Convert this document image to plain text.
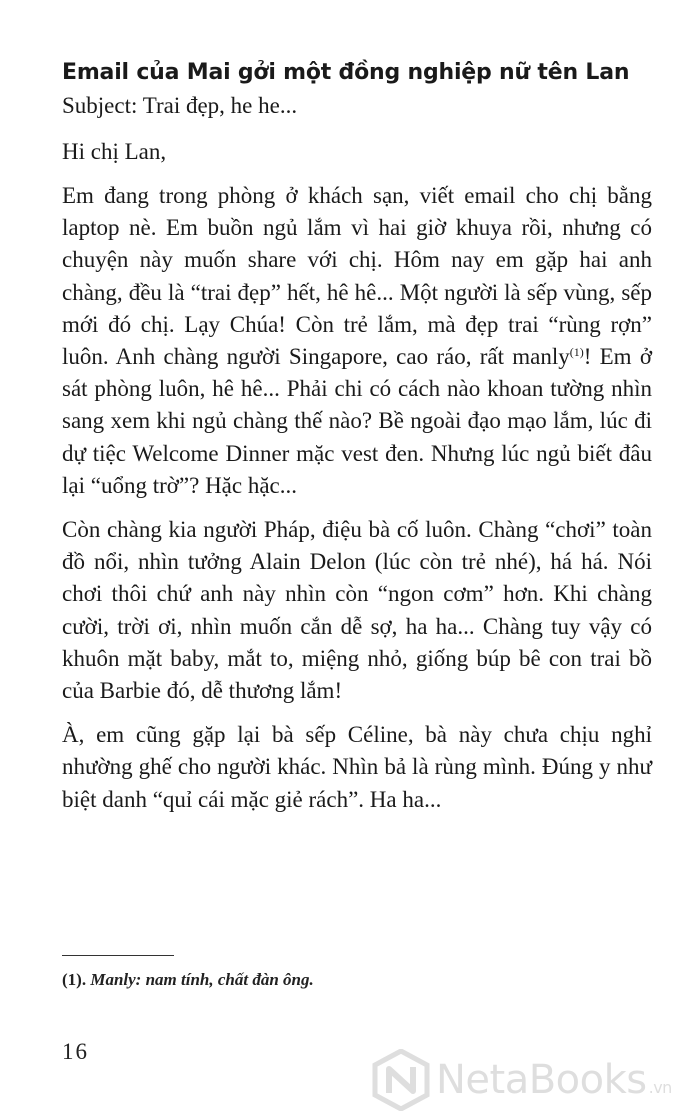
Email của Mai gởi một đồng nghiệp nữ tên Lan
Subject: Trai đẹp, he he...
Hi chị Lan,

Em đang trong phòng ở khách sạn, viết email cho chị bằng laptop nè. Em buồn ngủ lắm vì hai giờ khuya rồi, nhưng có chuyện này muốn share với chị. Hôm nay em gặp hai anh chàng, đều là “trai đẹp” hết, hê hê... Một người là sếp vùng, sếp mới đó chị. Lạy Chúa! Còn trẻ lắm, mà đẹp trai “rùng rợn” luôn. Anh chàng người Singapore, cao ráo, rất manly$^{(1)}$! Em ở sát phòng luôn, hê hê... Phải chi có cách nào khoan tường nhìn sang xem khi ngủ chàng thế nào? Bề ngoài đạo mạo lắm, lúc đi dự tiệc Welcome Dinner mặc vest đen. Nhưng lúc ngủ biết đâu lại “uổng trờ”? Hặc hặc...

Còn chàng kia người Pháp, điệu bà cố luôn. Chàng “chơi” toàn đồ nổi, nhìn tưởng Alain Delon (lúc còn trẻ nhé), há há. Nói chơi thôi chứ anh này nhìn còn “ngon cơm” hơn. Khi chàng cười, trời ơi, nhìn muốn cắn dễ sợ, ha ha... Chàng tuy vậy có khuôn mặt baby, mắt to, miệng nhỏ, giống búp bê con trai bồ của Barbie đó, dễ thương lắm!

À, em cũng gặp lại bà sếp Céline, bà này chưa chịu nghỉ nhường ghế cho người khác. Nhìn bả là rùng mình. Đúng y như biệt danh “quỉ cái mặc giẻ rách”. Ha ha...

(1). Manly: nam tính, chất đàn ông.
16
NetaBooks .vn
